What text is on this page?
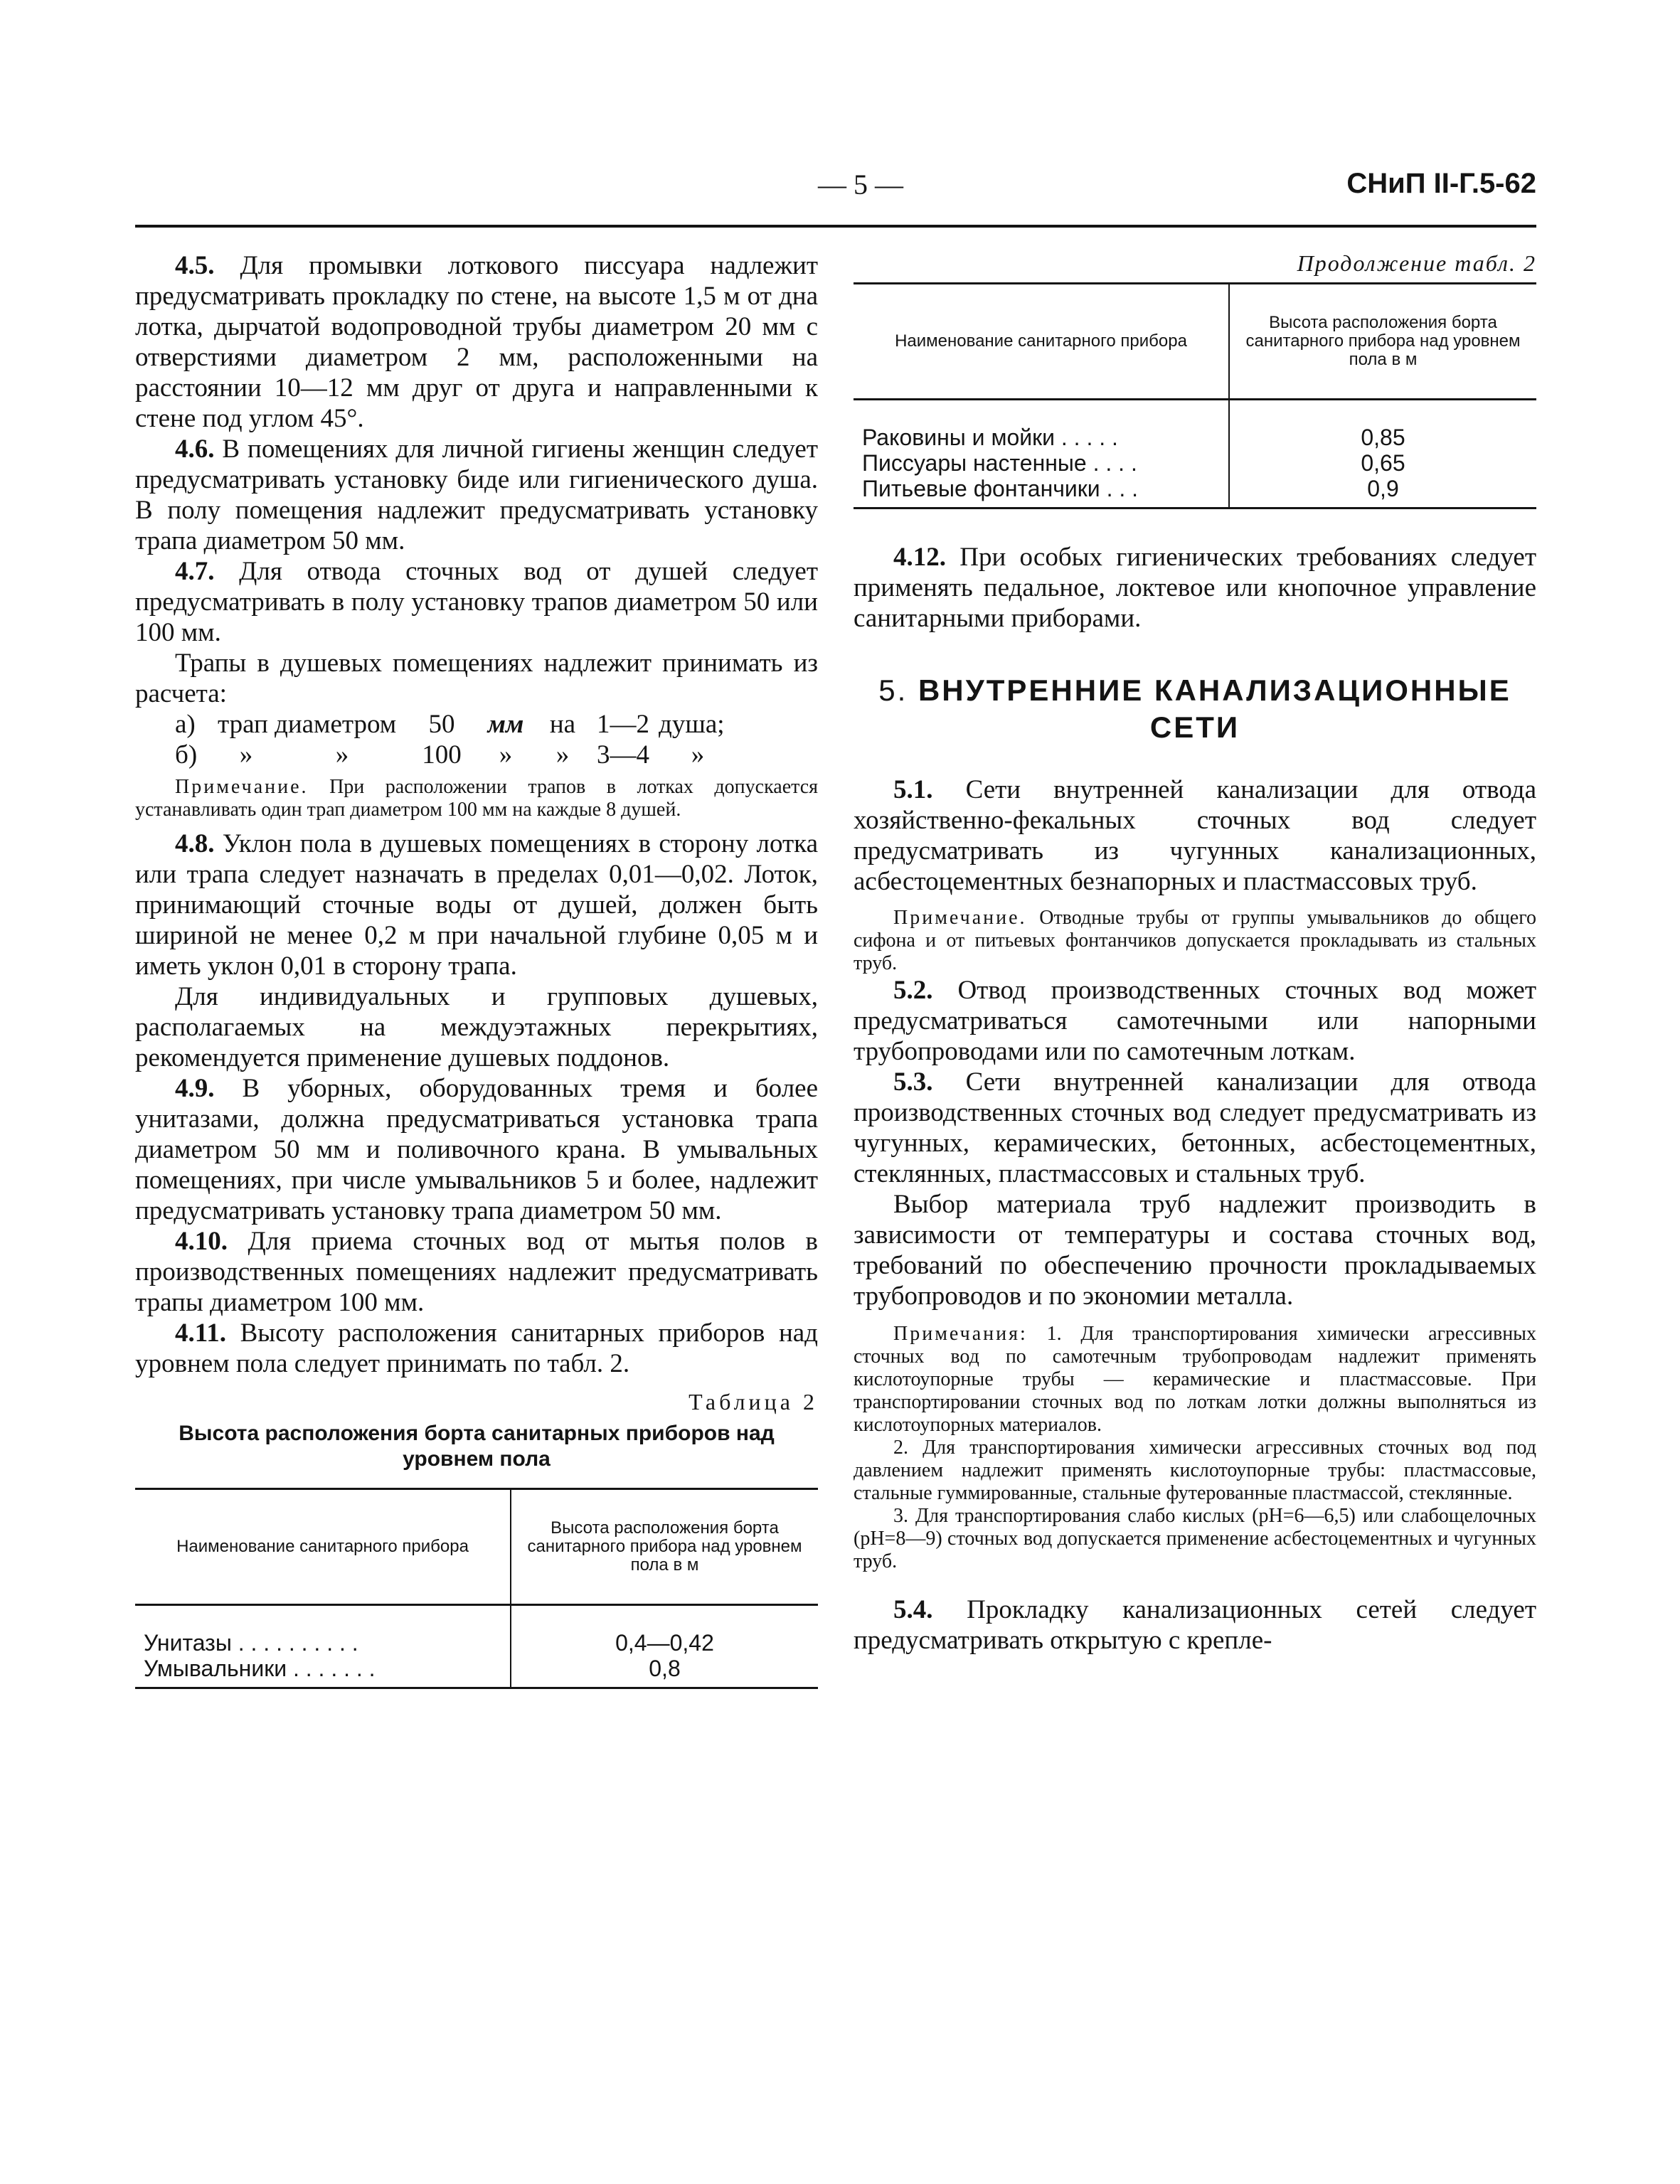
— 5 —	СНиП II-Г.5-62

4.5. Для промывки лоткового писсуара надлежит предусматривать прокладку по стене, на высоте 1,5 м от дна лотка, дырчатой водопроводной трубы диаметром 20 мм с отверстиями диаметром 2 мм, расположенными на расстоянии 10—12 мм друг от друга и направленными к стене под углом 45°.

4.6. В помещениях для личной гигиены женщин следует предусматривать установку биде или гигиенического душа. В полу помещения надлежит предусматривать установку трапа диаметром 50 мм.

4.7. Для отвода сточных вод от душей следует предусматривать в полу установку трапов диаметром 50 или 100 мм.

Трапы в душевых помещениях надлежит принимать из расчета:

а) трап диаметром	50	мм на 1—2 душа;
б)	»	»	100	»	»	3—4	»

Примечание. При расположении трапов в лотках допускается устанавливать один трап диаметром 100 мм на каждые 8 душей.

4.8. Уклон пола в душевых помещениях в сторону лотка или трапа следует назначать в пределах 0,01—0,02. Лоток, принимающий сточные воды от душей, должен быть шириной не менее 0,2 м при начальной глубине 0,05 м и иметь уклон 0,01 в сторону трапа.

Для индивидуальных и групповых душевых, располагаемых на междуэтажных перекрытиях, рекомендуется применение душевых поддонов.

4.9. В уборных, оборудованных тремя и более унитазами, должна предусматриваться установка трапа диаметром 50 мм и поливочного крана. В умывальных помещениях, при числе умывальников 5 и более, надлежит предусматривать установку трапа диаметром 50 мм.

4.10. Для приема сточных вод от мытья полов в производственных помещениях надлежит предусматривать трапы диаметром 100 мм.

4.11. Высоту расположения санитарных приборов над уровнем пола следует принимать по табл. 2.

Таблица 2
Высота расположения борта санитарных приборов над уровнем пола
Наименование санитарного прибора	Высота расположения борта санитарного прибора над уровнем пола в м
Унитазы . . . . . . . . . .	0,4—0,42
Умывальники . . . . . . .	0,8
Продолжение табл. 2
Наименование санитарного прибора	Высота расположения борта санитарного прибора над уровнем пола в м
Раковины и мойки . . . . .	0,85
Писсуары настенные . . . .	0,65
Питьевые фонтанчики . . .	0,9

4.12. При особых гигиенических требованиях следует применять педальное, локтевое или кнопочное управление санитарными приборами.

5. ВНУТРЕННИЕ КАНАЛИЗАЦИОННЫЕ СЕТИ

5.1. Сети внутренней канализации для отвода хозяйственно-фекальных сточных вод следует предусматривать из чугунных канализационных, асбестоцементных безнапорных и пластмассовых труб.

Примечание. Отводные трубы от группы умывальников до общего сифона и от питьевых фонтанчиков допускается прокладывать из стальных труб.

5.2. Отвод производственных сточных вод может предусматриваться самотечными или напорными трубопроводами или по самотечным лоткам.

5.3. Сети внутренней канализации для отвода производственных сточных вод следует предусматривать из чугунных, керамических, бетонных, асбестоцементных, стеклянных, пластмассовых и стальных труб.

Выбор материала труб надлежит производить в зависимости от температуры и состава сточных вод, требований по обеспечению прочности прокладываемых трубопроводов и по экономии металла.

Примечания: 1. Для транспортирования химически агрессивных сточных вод по самотечным трубопроводам надлежит применять кислотоупорные трубы — керамические и пластмассовые. При транспортировании сточных вод по лоткам лотки должны выполняться из кислотоупорных материалов.

2. Для транспортирования химически агрессивных сточных вод под давлением надлежит применять кислотоупорные трубы: пластмассовые, стальные гуммированные, стальные футерованные пластмассой, стеклянные.

3. Для транспортирования слабо кислых (pH=6—6,5) или слабощелочных (pH=8—9) сточных вод допускается применение асбестоцементных и чугунных труб.

5.4. Прокладку канализационных сетей следует предусматривать открытую с крепле-
